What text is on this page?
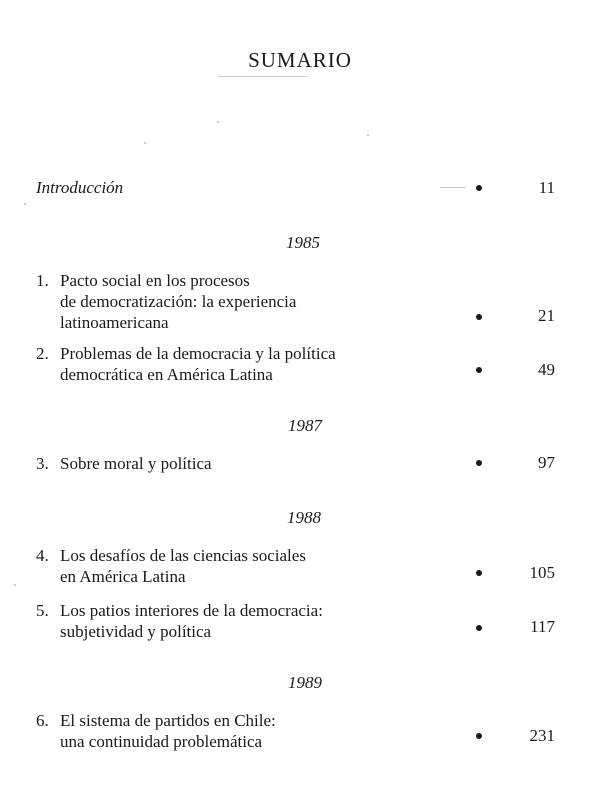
SUMARIO
Introducción	11
1985
1. Pacto social en los procesos
de democratización: la experiencia
latinoamericana	21
2. Problemas de la democracia y la política
democrática en América Latina	49
1987
3. Sobre moral y política	97
1988
4. Los desafíos de las ciencias sociales
en América Latina	105
5. Los patios interiores de la democracia:
subjetividad y política	117
1989
6. El sistema de partidos en Chile:
una continuidad problemática	231
